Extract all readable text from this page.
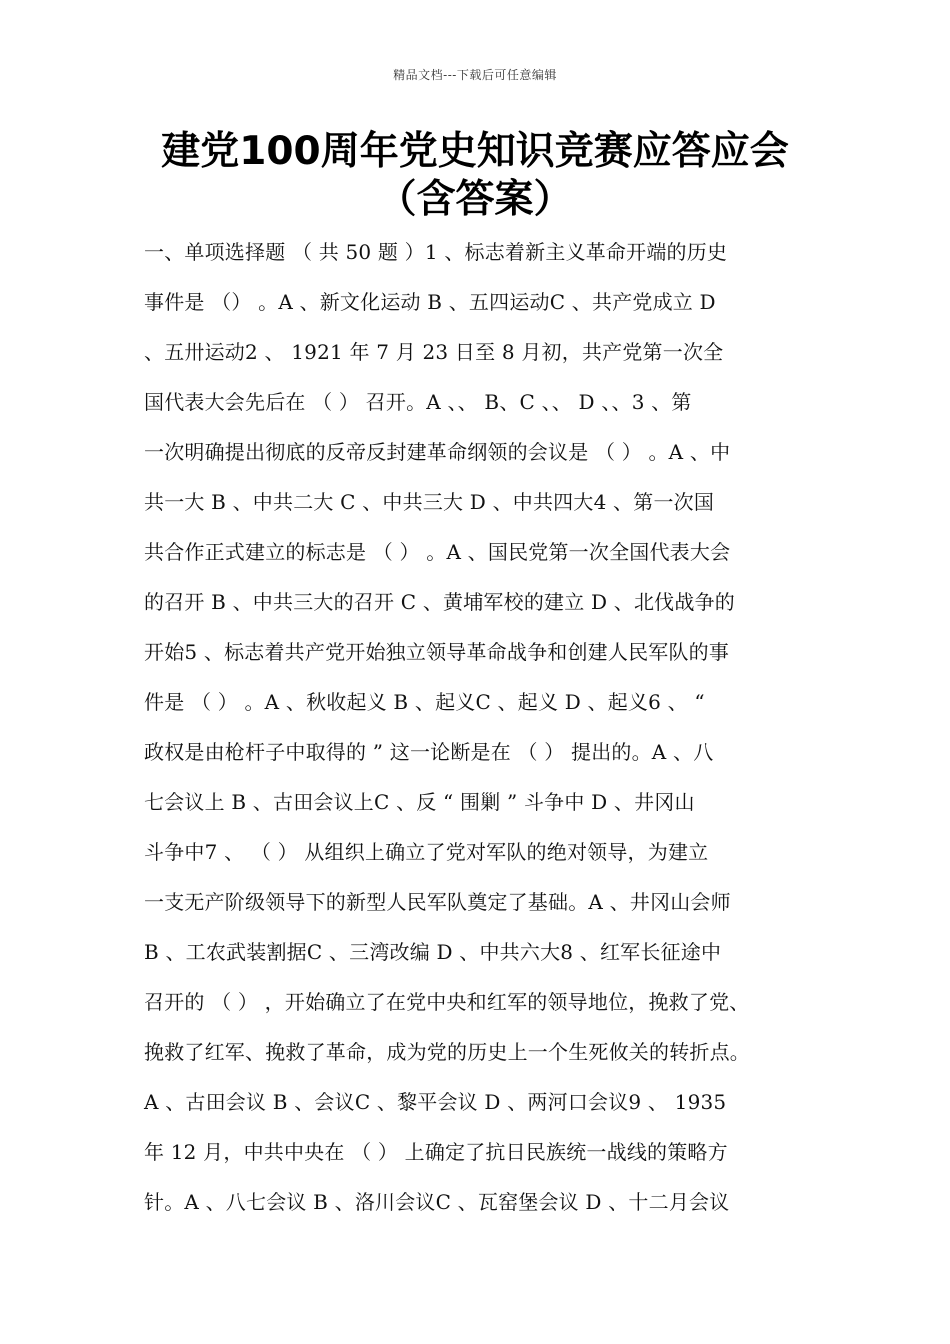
精品文档---下载后可任意编辑
建党100周年党史知识竞赛应答应会
（含答案）
一、单项选择题 （ 共 50 题 ）1 、标志着新主义革命开端的历史
事件是 （） 。A 、新文化运动 B 、五四运动C 、共产党成立 D
、五卅运动2 、 1921 年 7 月 23 日至 8 月初，共产党第一次全
国代表大会先后在 （ ） 召开。A 、、 B、C 、、 D 、、3 、第
一次明确提出彻底的反帝反封建革命纲领的会议是 （ ） 。A 、中
共一大 B 、中共二大 C 、中共三大 D 、中共四大4 、第一次国
共合作正式建立的标志是 （ ） 。A 、国民党第一次全国代表大会
的召开 B 、中共三大的召开 C 、黄埔军校的建立 D 、北伐战争的
开始5 、标志着共产党开始独立领导革命战争和创建人民军队的事
件是 （ ） 。A 、秋收起义 B 、起义C 、起义 D 、起义6 、 “
政权是由枪杆子中取得的 ” 这一论断是在 （ ） 提出的。A 、八
七会议上 B 、古田会议上C 、反 “ 围剿 ” 斗争中 D 、井冈山
斗争中7 、 （ ） 从组织上确立了党对军队的绝对领导，为建立
一支无产阶级领导下的新型人民军队奠定了基础。A 、井冈山会师
B 、工农武装割据C 、三湾改编 D 、中共六大8 、红军长征途中
召开的 （ ） ，开始确立了在党中央和红军的领导地位，挽救了党、
挽救了红军、挽救了革命，成为党的历史上一个生死攸关的转折点。
A 、古田会议 B 、会议C 、黎平会议 D 、两河口会议9 、 1935
年 12 月，中共中央在 （ ） 上确定了抗日民族统一战线的策略方
针。A 、八七会议 B 、洛川会议C 、瓦窑堡会议 D 、十二月会议
